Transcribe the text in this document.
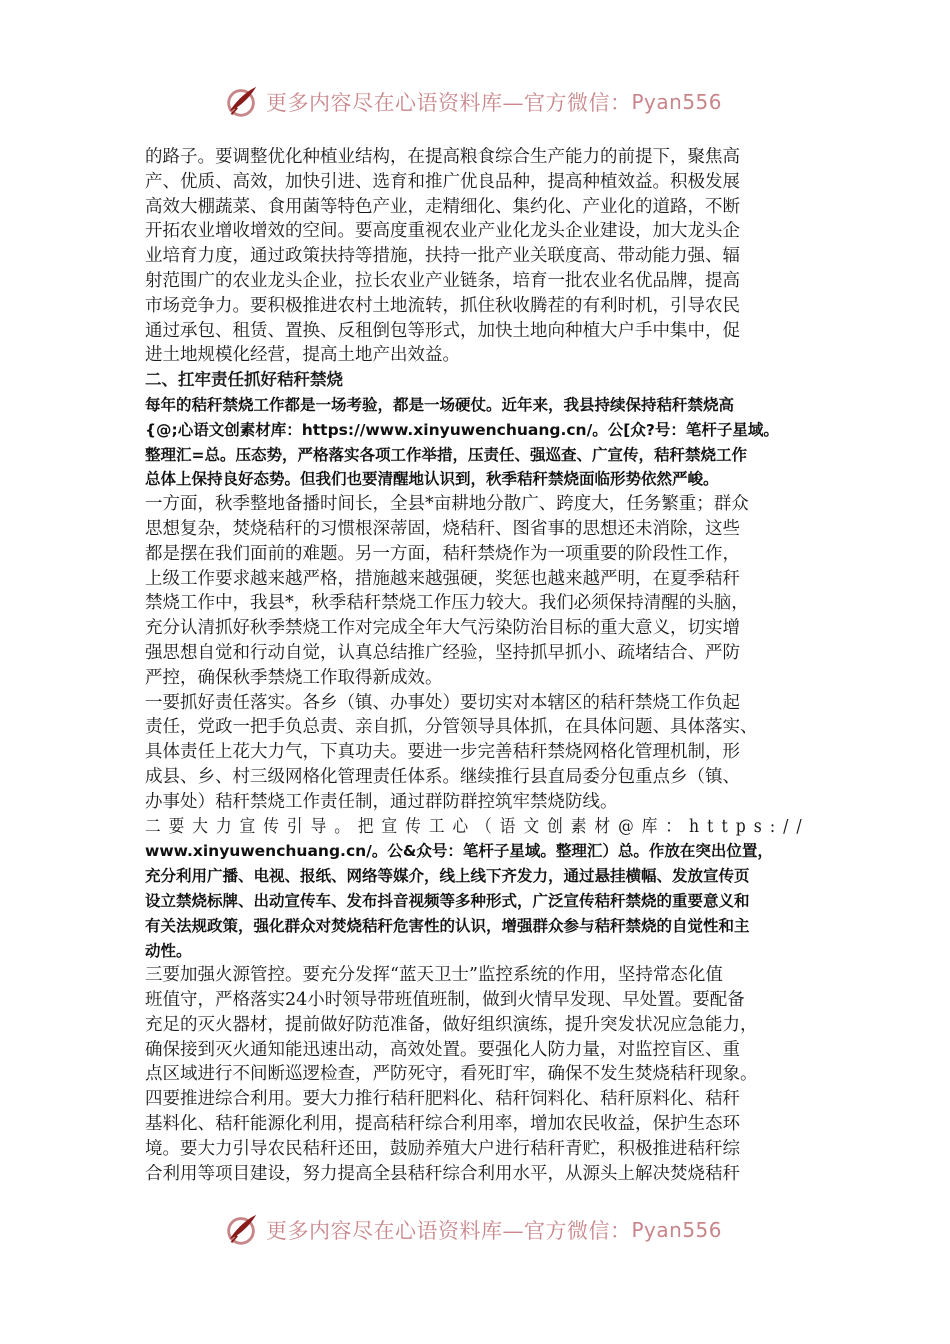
更多内容尽在心语资料库—官方微信： Pyan556

的路子。要调整优化种植业结构，在提高粮食综合生产能力的前提下，聚焦高

产、优质、高效，加快引进、选育和推广优良品种，提高种植效益。积极发展

高效大棚蔬菜、食用菌等特色产业，走精细化、集约化、产业化的道路，不断

开拓农业增收增效的空间。要高度重视农业产业化龙头企业建设，加大龙头企

业培育力度，通过政策扶持等措施，扶持一批产业关联度高、带动能力强、辐

射范围广的农业龙头企业，拉长农业产业链条，培育一批农业名优品牌，提高

市场竞争力。要积极推进农村土地流转，抓住秋收腾茬的有利时机，引导农民

通过承包、租赁、置换、反租倒包等形式，加快土地向种植大户手中集中，促

进土地规模化经营，提高土地产出效益。

二、扛牢责任抓好秸秆禁烧

每年的秸秆禁烧工作都是一场考验，都是一场硬仗。近年来，我县持续保持秸秆禁烧高

{@;心语文创素材库：https://www.xinyuwenchuang.cn/。公[众?号：笔杆子星域。

整理汇=总。压态势，严格落实各项工作举措，压责任、强巡查、广宣传，秸秆禁烧工作

总体上保持良好态势。但我们也要清醒地认识到，秋季秸秆禁烧面临形势依然严峻。

一方面，秋季整地备播时间长，全县*亩耕地分散广、跨度大，任务繁重；群众

思想复杂，焚烧秸秆的习惯根深蒂固，烧秸秆、图省事的思想还未消除，这些

都是摆在我们面前的难题。另一方面，秸秆禁烧作为一项重要的阶段性工作，

上级工作要求越来越严格，措施越来越强硬，奖惩也越来越严明，在夏季秸秆

禁烧工作中，我县*，秋季秸秆禁烧工作压力较大。我们必须保持清醒的头脑，

充分认清抓好秋季禁烧工作对完成全年大气污染防治目标的重大意义，切实增

强思想自觉和行动自觉，认真总结推广经验，坚持抓早抓小、疏堵结合、严防

严控，确保秋季禁烧工作取得新成效。

一要抓好责任落实。各乡（镇、办事处）要切实对本辖区的秸秆禁烧工作负起

责任，党政一把手负总责、亲自抓，分管领导具体抓，在具体问题、具体落实、

具体责任上花大力气，下真功夫。要进一步完善秸秆禁烧网格化管理机制，形

成县、乡、村三级网格化管理责任体系。继续推行县直局委分包重点乡（镇、

办事处）秸秆禁烧工作责任制，通过群防群控筑牢禁烧防线。

二要大力宣传引导。把宣传工心（语文创素材@库：https://

www.xinyuwenchuang.cn/。公&众号：笔杆子星域。整理汇）总。作放在突出位置，

充分利用广播、电视、报纸、网络等媒介，线上线下齐发力，通过悬挂横幅、发放宣传页

设立禁烧标牌、出动宣传车、发布抖音视频等多种形式，广泛宣传秸秆禁烧的重要意义和

有关法规政策，强化群众对焚烧秸秆危害性的认识，增强群众参与秸秆禁烧的自觉性和主

动性。

三要加强火源管控。要充分发挥“蓝天卫士”监控系统的作用，坚持常态化值

班值守，严格落实24小时领导带班值班制，做到火情早发现、早处置。要配备

充足的灭火器材，提前做好防范准备，做好组织演练，提升突发状况应急能力，

确保接到灭火通知能迅速出动，高效处置。要强化人防力量，对监控盲区、重

点区域进行不间断巡逻检查，严防死守，看死盯牢，确保不发生焚烧秸秆现象。

四要推进综合利用。要大力推行秸秆肥料化、秸秆饲料化、秸秆原料化、秸秆

基料化、秸秆能源化利用，提高秸秆综合利用率，增加农民收益，保护生态环

境。要大力引导农民秸秆还田，鼓励养殖大户进行秸秆青贮，积极推进秸秆综

合利用等项目建设，努力提高全县秸秆综合利用水平，从源头上解决焚烧秸秆

更多内容尽在心语资料库—官方微信： Pyan556
